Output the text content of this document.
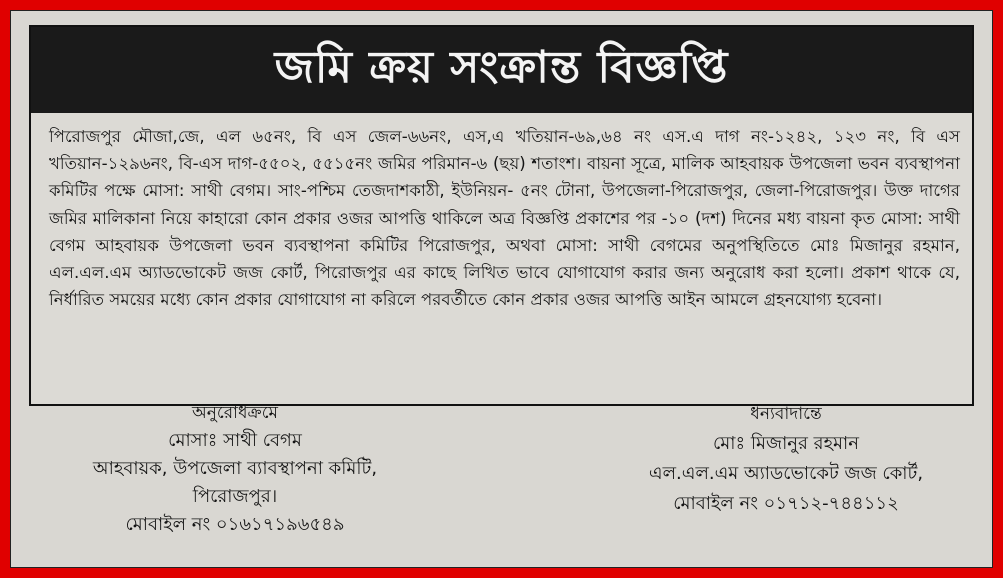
জমি ক্রয় সংক্রান্ত বিজ্ঞপ্তি
পিরোজপুর মৌজা,জে, এল ৬৫নং, বি এস জেল-৬৬নং, এস,এ খতিয়ান-৬৯,৬৪ নং এস.এ দাগ নং-১২৪২, ১২৩ নং, বি এস খতিয়ান-১২৯৬নং, বি-এস দাগ-৫৫০২, ৫৫১৫নং জমির পরিমান-৬ (ছয়) শতাংশ। বায়না সূত্রে, মালিক আহবায়ক উপজেলা ভবন ব্যবস্থাপনা কমিটির পক্ষে মোসা: সাথী বেগম। সাং-পশ্চিম তেজদাশকাঠী, ইউনিয়ন- ৫নং টোনা, উপজেলা-পিরোজপুর, জেলা-পিরোজপুর। উক্ত দাগের জমির মালিকানা নিয়ে কাহারো কোন প্রকার ওজর আপত্তি থাকিলে অত্র বিজ্ঞপ্তি প্রকাশের পর -১০ (দশ) দিনের মধ্য বায়না কৃত মোসা: সাথী বেগম আহবায়ক উপজেলা ভবন ব্যবস্থাপনা কমিটির পিরোজপুর, অথবা মোসা: সাথী বেগমের অনুপস্থিতিতে মোঃ মিজানুর রহমান, এল.এল.এম অ্যাডভোকেট জজ কোর্ট, পিরোজপুর এর কাছে লিখিত ভাবে যোগাযোগ করার জন্য অনুরোধ করা হলো। প্রকাশ থাকে যে, নির্ধারিত সময়ের মধ্যে কোন প্রকার যোগাযোগ না করিলে পরবর্তীতে কোন প্রকার ওজর আপত্তি আইন আমলে গ্রহনযোগ্য হবেনা।
অনুরোধক্রমে
মোসাঃ সাথী বেগম
আহবায়ক, উপজেলা ব্যাবস্থাপনা কমিটি,
পিরোজপুর।
মোবাইল নং ০১৬১৭১৯৬৫৪৯
ধন্যবাদান্তে
মোঃ মিজানুর রহমান
এল.এল.এম অ্যাডভোকেট জজ কোর্ট,
মোবাইল নং ০১৭১২-৭৪৪১১২
